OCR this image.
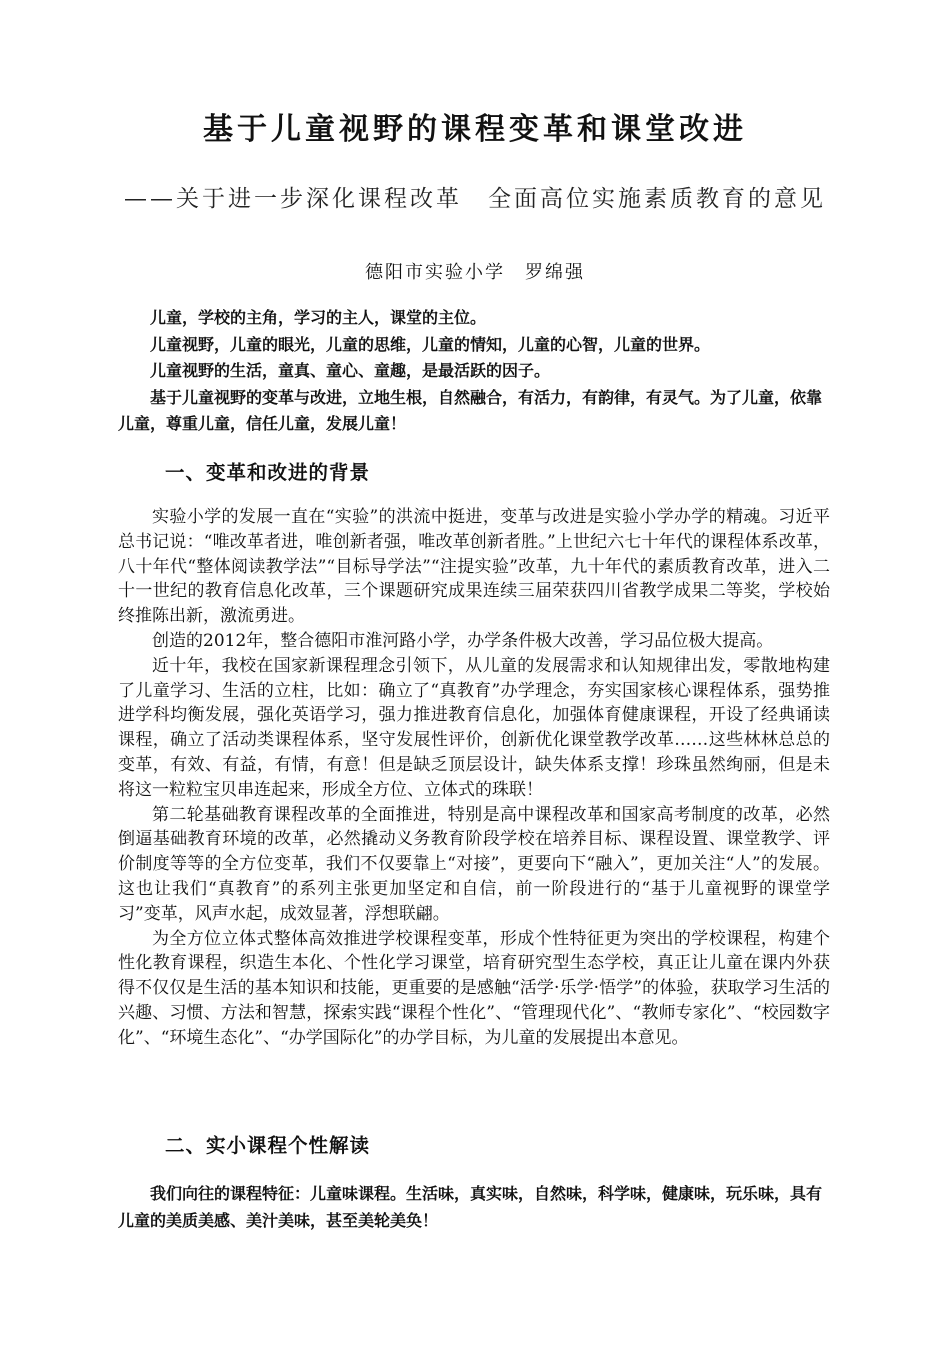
基于儿童视野的课程变革和课堂改进
——关于进一步深化课程改革　全面高位实施素质教育的意见
德阳市实验小学　罗绵强

儿童，学校的主角，学习的主人，课堂的主位。

儿童视野，儿童的眼光，儿童的思维，儿童的情知，儿童的心智，儿童的世界。

儿童视野的生活，童真、童心、童趣，是最活跃的因子。

基于儿童视野的变革与改进，立地生根，自然融合，有活力，有韵律，有灵气。为了儿童，依靠儿童，尊重儿童，信任儿童，发展儿童！

一、变革和改进的背景

实验小学的发展一直在“实验”的洪流中挺进，变革与改进是实验小学办学的精魂。习近平总书记说：“唯改革者进，唯创新者强，唯改革创新者胜。”上世纪六七十年代的课程体系改革，八十年代“整体阅读教学法”“目标导学法”“注提实验”改革，九十年代的素质教育改革，进入二十一世纪的教育信息化改革，三个课题研究成果连续三届荣获四川省教学成果二等奖，学校始终推陈出新，激流勇进。

创造的2012年，整合德阳市淮河路小学，办学条件极大改善，学习品位极大提高。

近十年，我校在国家新课程理念引领下，从儿童的发展需求和认知规律出发，零散地构建了儿童学习、生活的立柱，比如：确立了“真教育”办学理念，夯实国家核心课程体系，强势推进学科均衡发展，强化英语学习，强力推进教育信息化，加强体育健康课程，开设了经典诵读课程，确立了活动类课程体系，坚守发展性评价，创新优化课堂教学改革……这些林林总总的变革，有效、有益，有情，有意！但是缺乏顶层设计，缺失体系支撑！珍珠虽然绚丽，但是未将这一粒粒宝贝串连起来，形成全方位、立体式的珠联！

第二轮基础教育课程改革的全面推进，特别是高中课程改革和国家高考制度的改革，必然倒逼基础教育环境的改革，必然撬动义务教育阶段学校在培养目标、课程设置、课堂教学、评价制度等等的全方位变革，我们不仅要靠上“对接”，更要向下“融入”，更加关注“人”的发展。这也让我们“真教育”的系列主张更加坚定和自信，前一阶段进行的“基于儿童视野的课堂学习”变革，风声水起，成效显著，浮想联翩。

为全方位立体式整体高效推进学校课程变革，形成个性特征更为突出的学校课程，构建个性化教育课程，织造生本化、个性化学习课堂，培育研究型生态学校，真正让儿童在课内外获得不仅仅是生活的基本知识和技能，更重要的是感触“活学·乐学·悟学”的体验，获取学习生活的兴趣、习惯、方法和智慧，探索实践“课程个性化”、“管理现代化”、“教师专家化”、“校园数字化”、“环境生态化”、“办学国际化”的办学目标，为儿童的发展提出本意见。

二、实小课程个性解读

我们向往的课程特征：儿童味课程。生活味，真实味，自然味，科学味，健康味，玩乐味，具有儿童的美质美感、美汁美味，甚至美轮美奂！
